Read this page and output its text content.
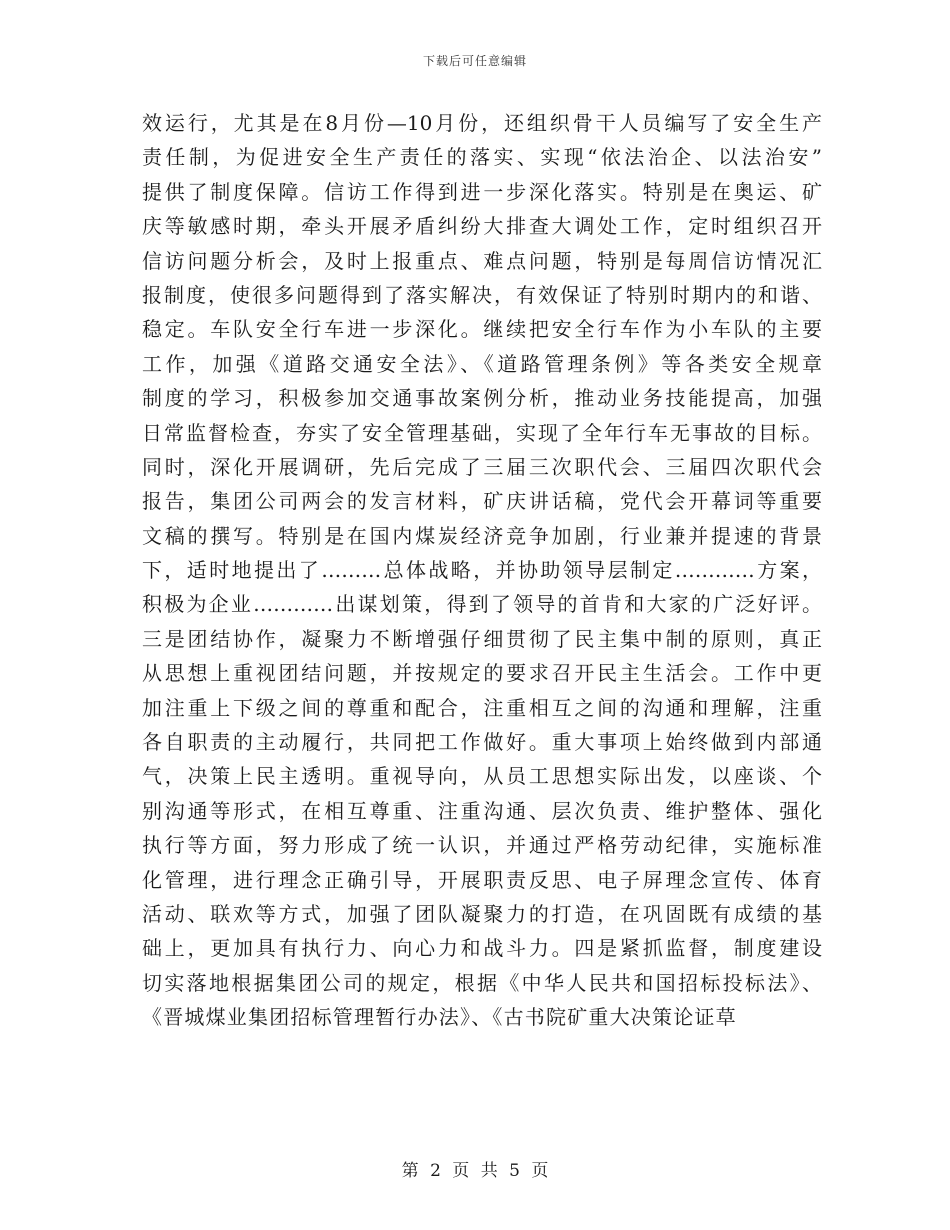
下载后可任意编辑
效运行，尤其是在8月份—10月份，还组织骨干人员编写了安全生产
责任制，为促进安全生产责任的落实、实现“依法治企、以法治安”
提供了制度保障。信访工作得到进一步深化落实。特别是在奥运、矿
庆等敏感时期，牵头开展矛盾纠纷大排查大调处工作，定时组织召开
信访问题分析会，及时上报重点、难点问题，特别是每周信访情况汇
报制度，使很多问题得到了落实解决，有效保证了特别时期内的和谐、
稳定。车队安全行车进一步深化。继续把安全行车作为小车队的主要
工作，加强《道路交通安全法》、《道路管理条例》等各类安全规章
制度的学习，积极参加交通事故案例分析，推动业务技能提高，加强
日常监督检查，夯实了安全管理基础，实现了全年行车无事故的目标。
同时，深化开展调研，先后完成了三届三次职代会、三届四次职代会
报告，集团公司两会的发言材料，矿庆讲话稿，党代会开幕词等重要
文稿的撰写。特别是在国内煤炭经济竞争加剧，行业兼并提速的背景
下，适时地提出了………总体战略，并协助领导层制定…………方案，
积极为企业…………出谋划策，得到了领导的首肯和大家的广泛好评。
三是团结协作，凝聚力不断增强仔细贯彻了民主集中制的原则，真正
从思想上重视团结问题，并按规定的要求召开民主生活会。工作中更
加注重上下级之间的尊重和配合，注重相互之间的沟通和理解，注重
各自职责的主动履行，共同把工作做好。重大事项上始终做到内部通
气，决策上民主透明。重视导向，从员工思想实际出发，以座谈、个
别沟通等形式，在相互尊重、注重沟通、层次负责、维护整体、强化
执行等方面，努力形成了统一认识，并通过严格劳动纪律，实施标准
化管理，进行理念正确引导，开展职责反思、电子屏理念宣传、体育
活动、联欢等方式，加强了团队凝聚力的打造，在巩固既有成绩的基
础上，更加具有执行力、向心力和战斗力。四是紧抓监督，制度建设
切实落地根据集团公司的规定，根据《中华人民共和国招标投标法》、
《晋城煤业集团招标管理暂行办法》、《古书院矿重大决策论证草
第 2 页 共 5 页
